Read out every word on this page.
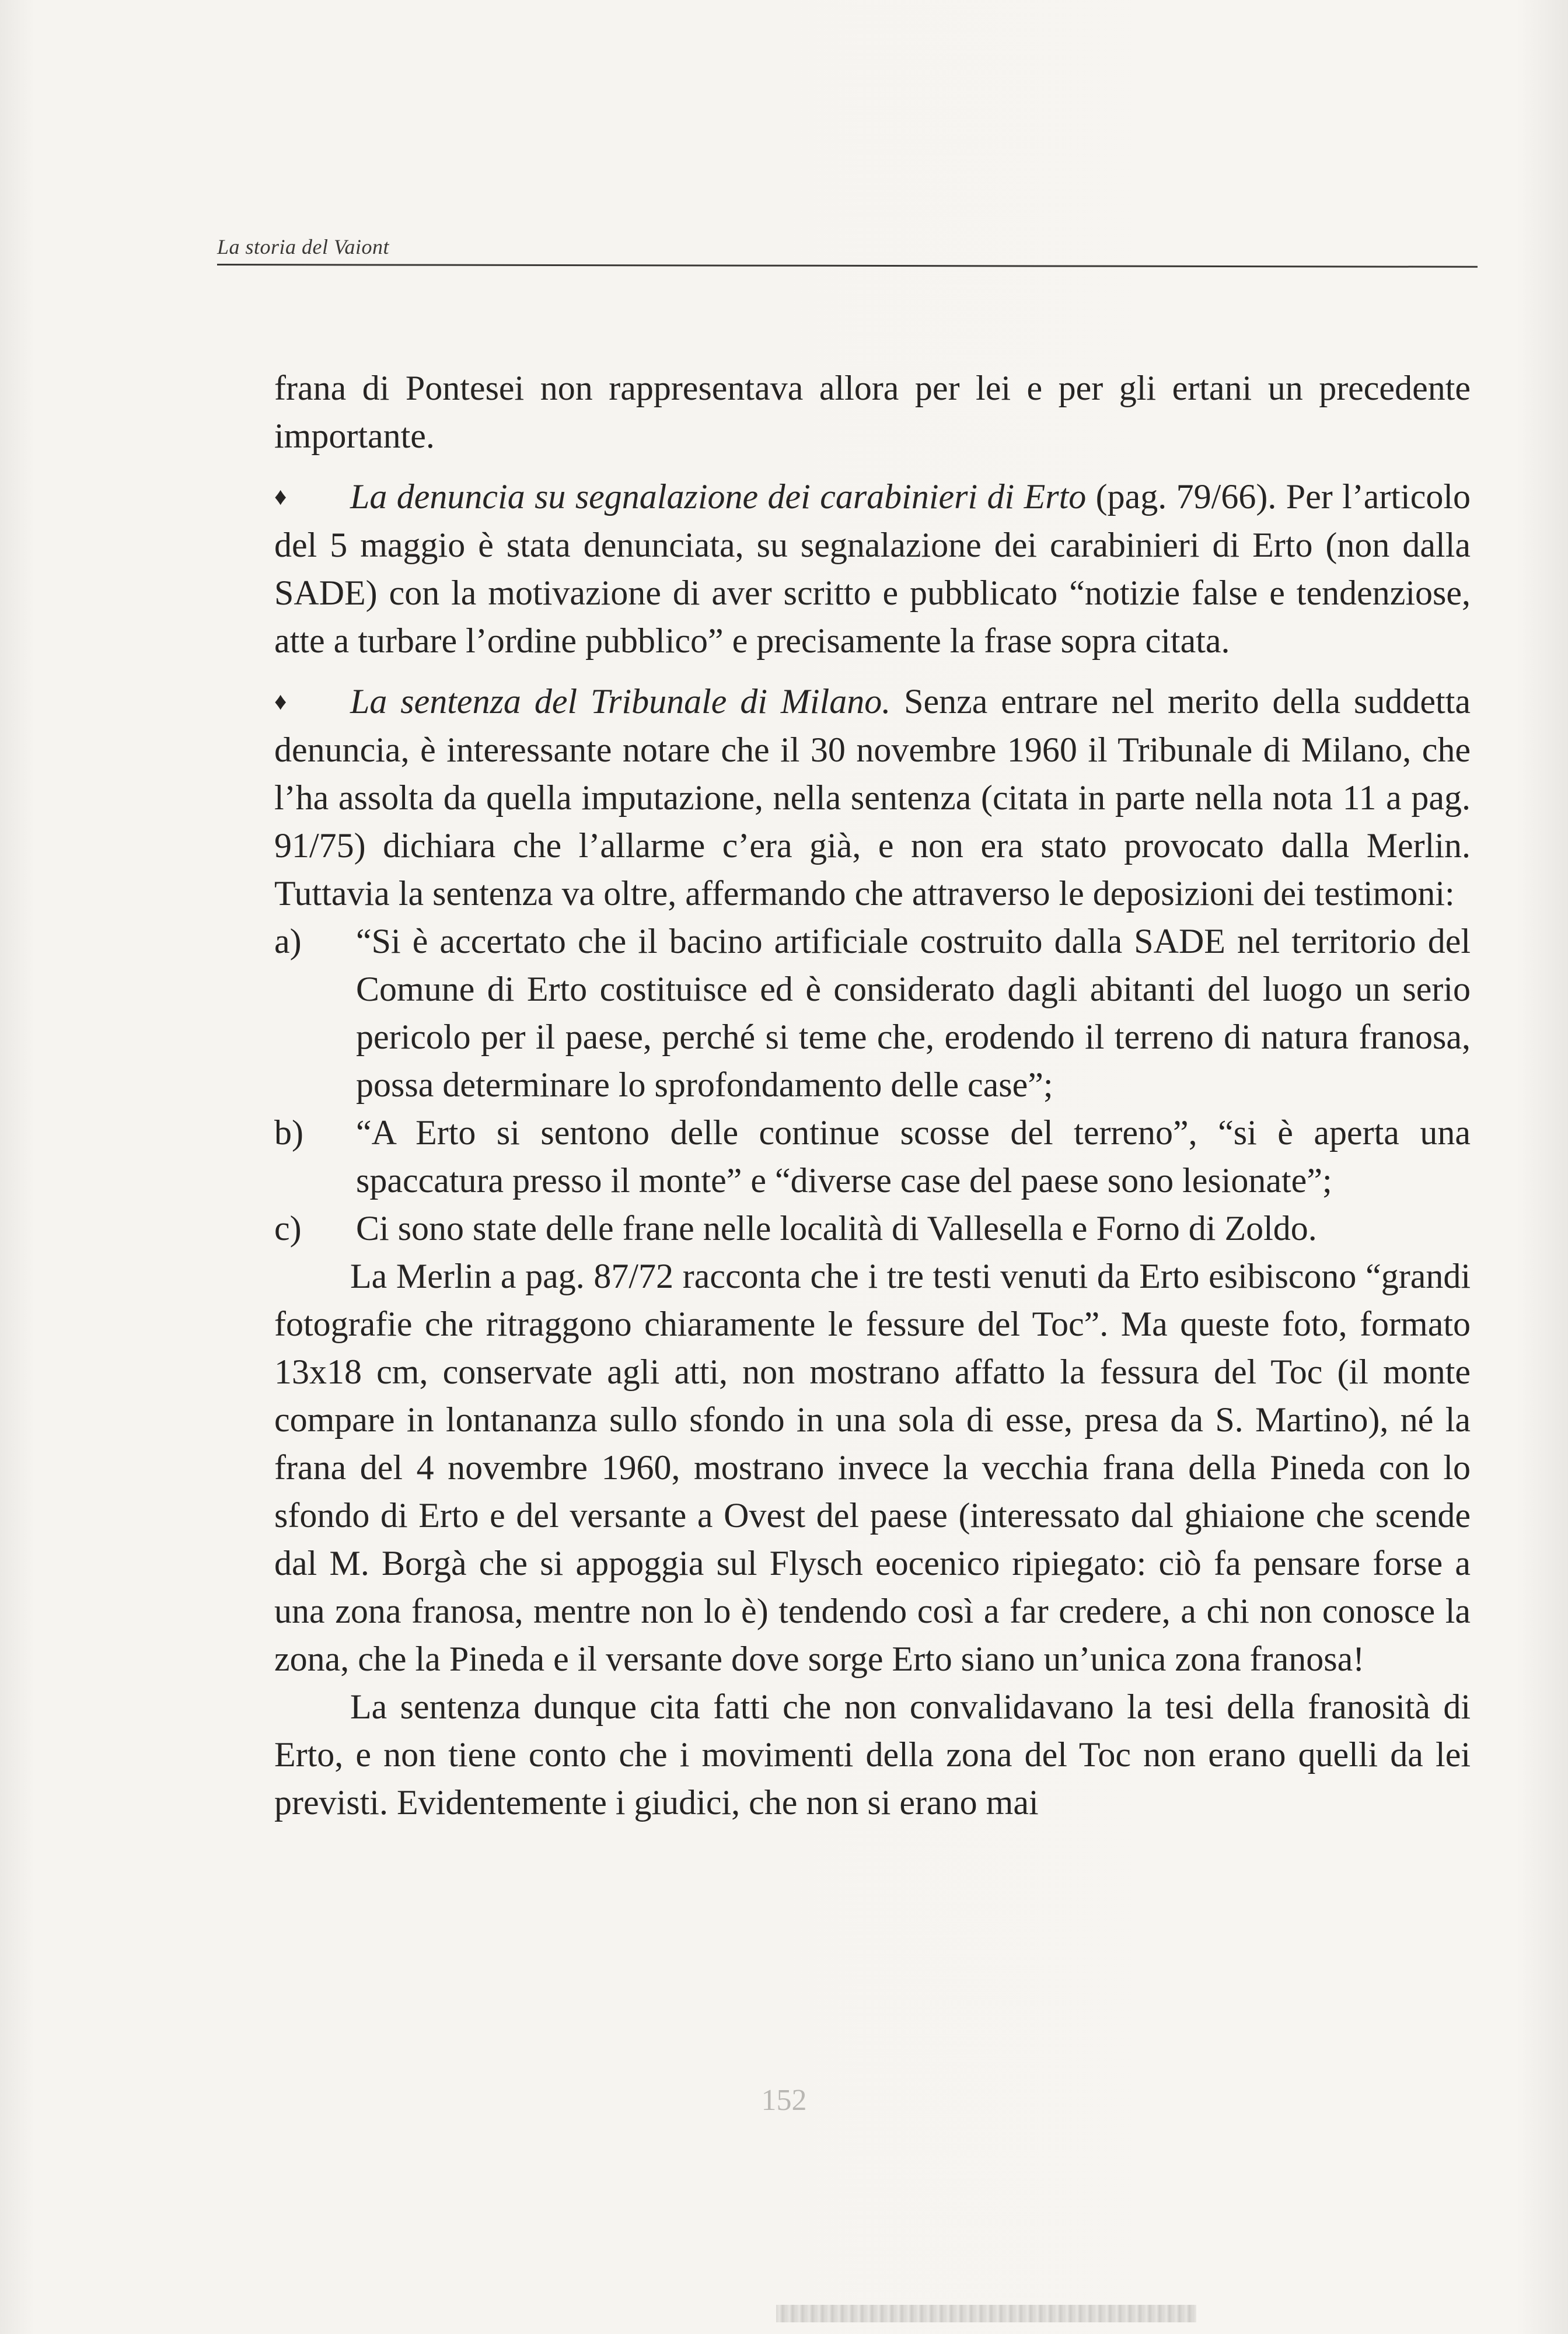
La storia del Vaiont

frana di Pontesei non rappresentava allora per lei e per gli ertani un precedente importante.

♦ La denuncia su segnalazione dei carabinieri di Erto (pag. 79/66). Per l’articolo del 5 maggio è stata denunciata, su segnalazione dei carabinieri di Erto (non dalla SADE) con la motivazione di aver scritto e pubblicato “notizie false e tendenziose, atte a turbare l’ordine pubblico” e precisamente la frase sopra citata.

♦ La sentenza del Tribunale di Milano. Senza entrare nel merito della suddetta denuncia, è interessante notare che il 30 novembre 1960 il Tribunale di Milano, che l’ha assolta da quella imputazione, nella sentenza (citata in parte nella nota 11 a pag. 91/75) dichiara che l’allarme c’era già, e non era stato provocato dalla Merlin. Tuttavia la sentenza va oltre, affermando che attraverso le deposizioni dei testimoni:

a)	“Si è accertato che il bacino artificiale costruito dalla SADE nel territorio del Comune di Erto costituisce ed è considerato dagli abitanti del luogo un serio pericolo per il paese, perché si teme che, erodendo il terreno di natura franosa, possa determinare lo sprofondamento delle case”;
b)	“A Erto si sentono delle continue scosse del terreno”, “si è aperta una spaccatura presso il monte” e “diverse case del paese sono lesionate”;
c)	Ci sono state delle frane nelle località di Vallesella e Forno di Zoldo.

La Merlin a pag. 87/72 racconta che i tre testi venuti da Erto esibiscono “grandi fotografie che ritraggono chiaramente le fessure del Toc”. Ma queste foto, formato 13x18 cm, conservate agli atti, non mostrano affatto la fessura del Toc (il monte compare in lontananza sullo sfondo in una sola di esse, presa da S. Martino), né la frana del 4 novembre 1960, mostrano invece la vecchia frana della Pineda con lo sfondo di Erto e del versante a Ovest del paese (interessato dal ghiaione che scende dal M. Borgà che si appoggia sul Flysch eocenico ripiegato: ciò fa pensare forse a una zona franosa, mentre non lo è) tendendo così a far credere, a chi non conosce la zona, che la Pineda e il versante dove sorge Erto siano un’unica zona franosa!

La sentenza dunque cita fatti che non convalidavano la tesi della franosità di Erto, e non tiene conto che i movimenti della zona del Toc non erano quelli da lei previsti. Evidentemente i giudici, che non si erano mai

152
